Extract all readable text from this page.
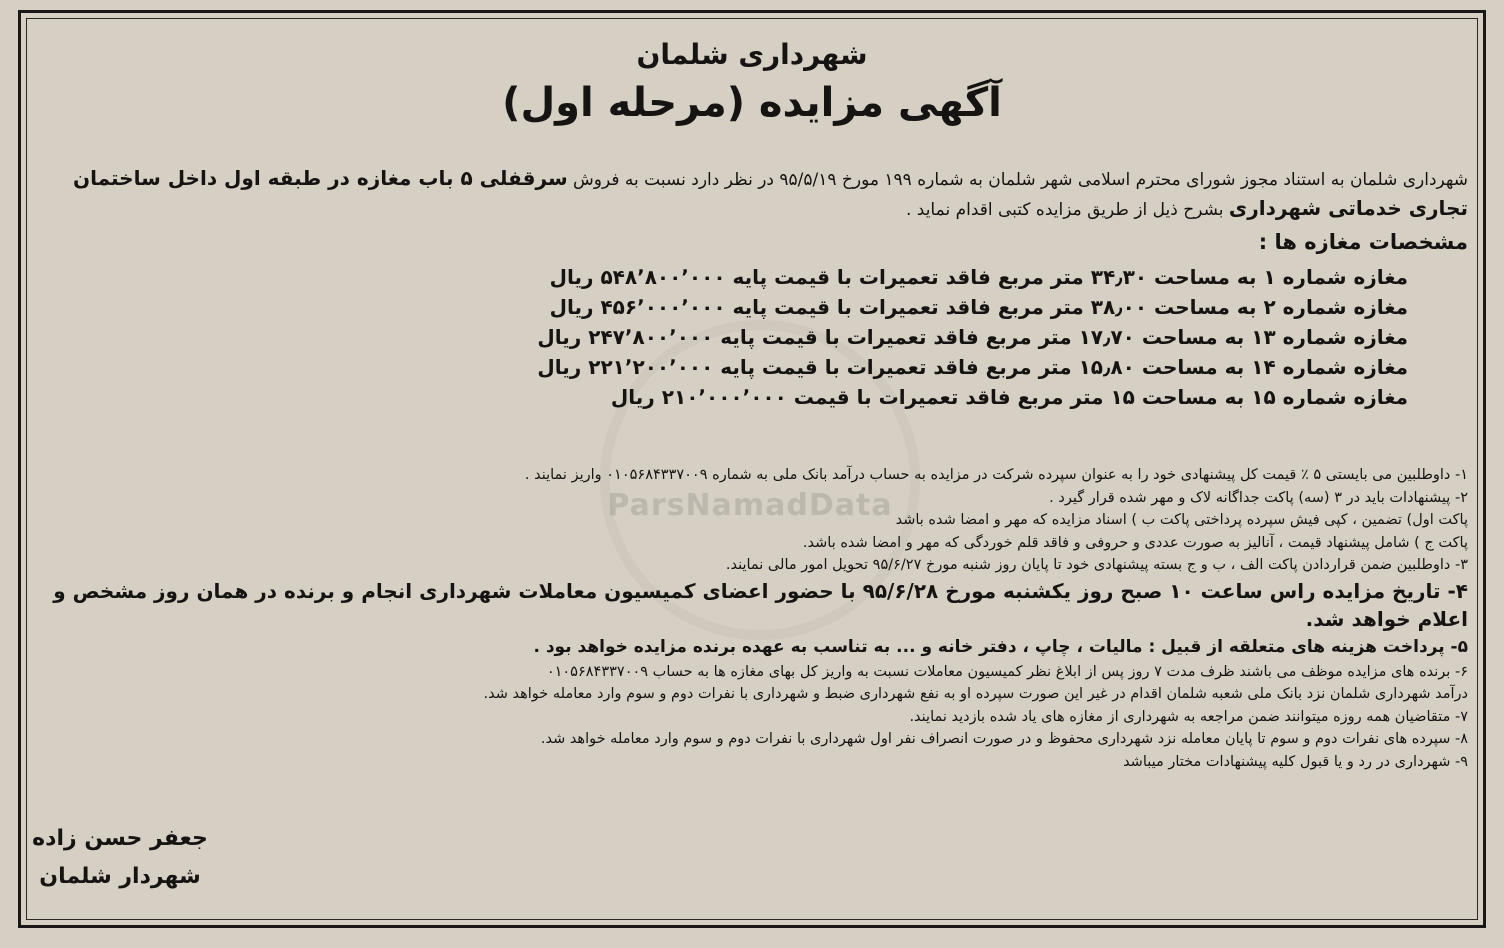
ParsNamadData
شهرداری شلمان
آگهی مزایده (مرحله اول)
شهرداری شلمان به استناد مجوز شورای محترم اسلامی شهر شلمان به شماره ۱۹۹ مورخ ۹۵/۵/۱۹ در نظر دارد نسبت به فروش سرقفلی ۵ باب مغازه در طبقه اول داخل ساختمان تجاری خدماتی شهرداری بشرح ذیل از طریق مزایده کتبی اقدام نماید .
مشخصات مغازه ها :
مغازه شماره ۱ به مساحت ۳۴٫۳۰ متر مربع فاقد تعمیرات با قیمت پایه ۵۴۸٬۸۰۰٬۰۰۰ ریال
مغازه شماره ۲ به مساحت ۳۸٫۰۰ متر مربع فاقد تعمیرات با قیمت پایه ۴۵۶٬۰۰۰٬۰۰۰ ریال
مغازه شماره ۱۳ به مساحت ۱۷٫۷۰ متر مربع فاقد تعمیرات با قیمت پایه ۲۴۷٬۸۰۰٬۰۰۰ ریال
مغازه شماره ۱۴ به مساحت ۱۵٫۸۰ متر مربع فاقد تعمیرات با قیمت پایه ۲۲۱٬۲۰۰٬۰۰۰ ریال
مغازه شماره ۱۵ به مساحت ۱۵ متر مربع فاقد تعمیرات با قیمت ۲۱۰٬۰۰۰٬۰۰۰ ریال
۱- داوطلبین می بایستی ۵ ٪ قیمت کل پیشنهادی خود را به عنوان سپرده شرکت در مزایده به حساب درآمد بانک ملی به شماره ۰۱۰۵۶۸۴۳۳۷۰۰۹ واریز نمایند .
۲- پیشنهادات باید در ۳ (سه) پاکت جداگانه لاک و مهر شده قرار گیرد .
پاکت اول) تضمین ، کپی فیش سپرده پرداختی پاکت ب ) اسناد مزایده که مهر و امضا شده باشد
پاکت ج ) شامل پیشنهاد قیمت ، آنالیز به صورت عددی و حروفی و فاقد قلم خوردگی که مهر و امضا شده باشد.
۳- داوطلبین ضمن قراردادن پاکت الف ، ب و ج بسته پیشنهادی خود تا پایان روز شنبه مورخ ۹۵/۶/۲۷ تحویل امور مالی نمایند.
۴- تاریخ مزایده راس ساعت ۱۰ صبح روز یکشنبه مورخ ۹۵/۶/۲۸ با حضور اعضای کمیسیون معاملات شهرداری انجام و برنده در همان روز مشخص و اعلام خواهد شد.
۵- پرداخت هزینه های متعلقه از قبیل : مالیات ، چاپ ، دفتر خانه و ... به تناسب به عهده برنده مزایده خواهد بود .
۶- برنده های مزایده موظف می باشند ظرف مدت ۷ روز پس از ابلاغ نظر کمیسیون معاملات نسبت به واریز کل بهای مغازه ها به حساب ۰۱۰۵۶۸۴۳۳۷۰۰۹
درآمد شهرداری شلمان نزد بانک ملی شعبه شلمان اقدام در غیر این صورت سپرده او به نفع شهرداری ضبط و شهرداری با نفرات دوم و سوم وارد معامله خواهد شد.
۷- متقاضیان همه روزه میتوانند ضمن مراجعه به شهرداری از مغازه های یاد شده بازدید نمایند.
۸- سپرده های نفرات دوم و سوم تا پایان معامله نزد شهرداری محفوظ و در صورت انصراف نفر اول شهرداری با نفرات دوم و سوم وارد معامله خواهد شد.
۹- شهرداری در رد و یا قبول کلیه پیشنهادات مختار میباشد
جعفر حسن زاده
شهردار شلمان
